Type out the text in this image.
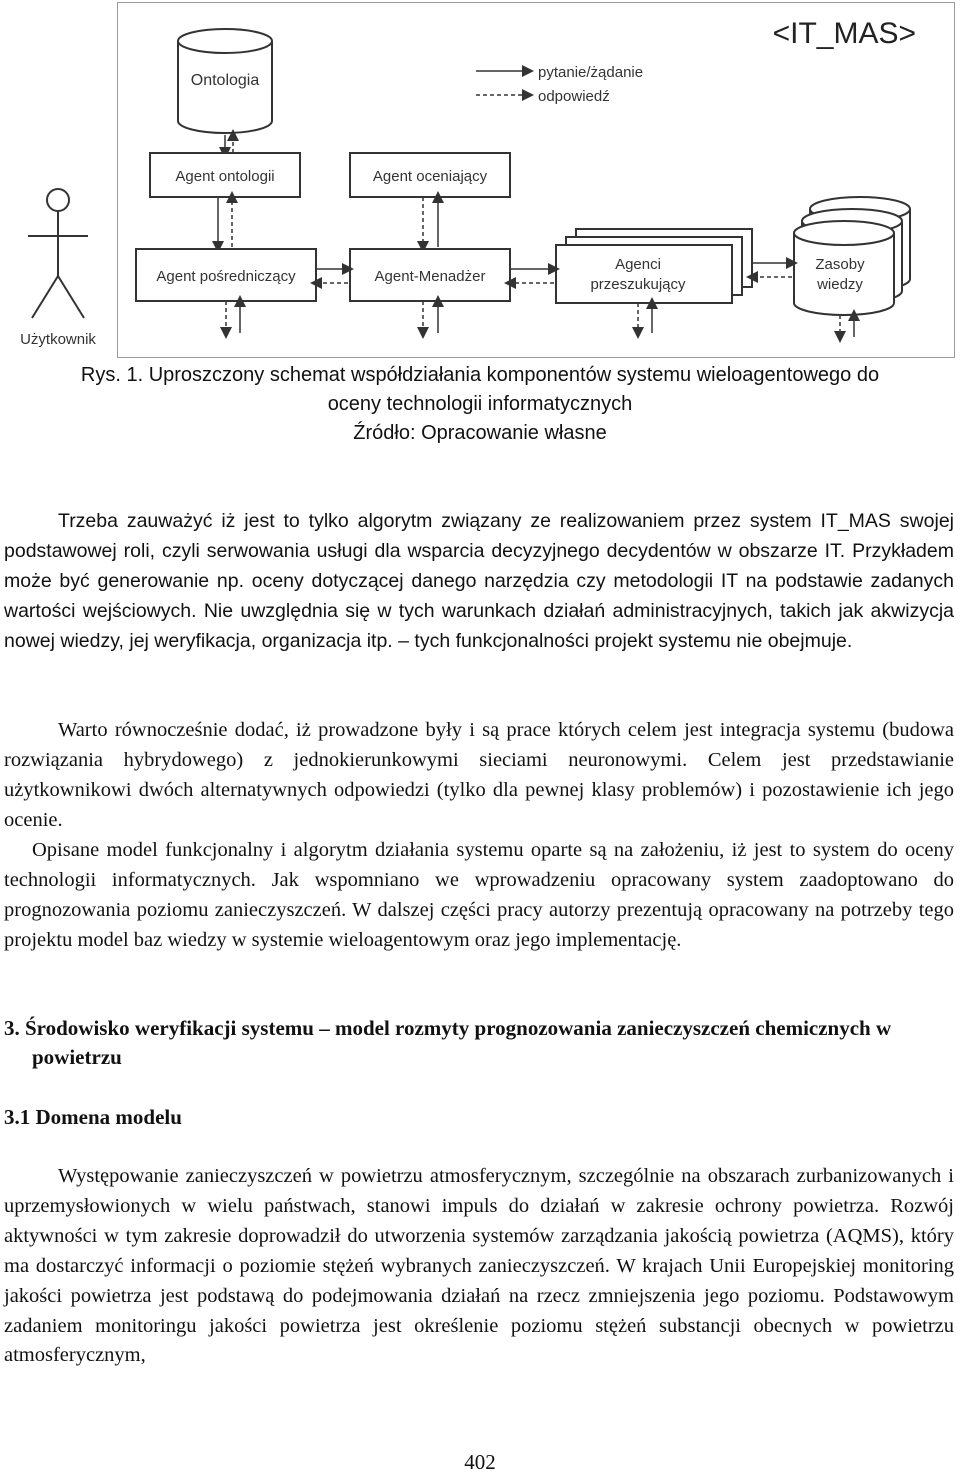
<IT_MAS>
Ontologia	pytanie/żądanie
odpowiedź
Agent ontologii	Agent oceniający
Agent pośredniczący	Agent-Menadżer
Agenci
przeszukujący
Zasoby
wiedzy
Użytkownik
Rys. 1. Uproszczony schemat współdziałania komponentów systemu wieloagentowego do
oceny technologii informatycznych
Źródło: Opracowanie własne

Trzeba zauważyć iż jest to tylko algorytm związany ze realizowaniem przez system IT_MAS swojej podstawowej roli, czyli serwowania usługi dla wsparcia decyzyjnego decydentów w obszarze IT. Przykładem może być generowanie np. oceny dotyczącej danego narzędzia czy metodologii IT na podstawie zadanych wartości wejściowych. Nie uwzględnia się w tych warunkach działań administracyjnych, takich jak akwizycja nowej wiedzy, jej weryfikacja, organizacja itp. – tych funkcjonalności projekt systemu nie obejmuje.

Warto równocześnie dodać, iż prowadzone były i są prace których celem jest integracja systemu (budowa rozwiązania hybrydowego) z jednokierunkowymi sieciami neuronowymi. Celem jest przedstawianie użytkownikowi dwóch alternatywnych odpowiedzi (tylko dla pewnej klasy problemów) i pozostawienie ich jego ocenie.

Opisane model funkcjonalny i algorytm działania systemu oparte są na założeniu, iż jest to system do oceny technologii informatycznych. Jak wspomniano we wprowadzeniu opracowany system zaadoptowano do prognozowania poziomu zanieczyszczeń. W dalszej części pracy autorzy prezentują opracowany na potrzeby tego projektu model baz wiedzy w systemie wieloagentowym oraz jego implementację.

3. Środowisko weryfikacji systemu – model rozmyty prognozowania zanieczyszczeń chemicznych w powietrzu

3.1 Domena modelu

Występowanie zanieczyszczeń w powietrzu atmosferycznym, szczególnie na obszarach zurbanizowanych i uprzemysłowionych w wielu państwach, stanowi impuls do działań w zakresie ochrony powietrza. Rozwój aktywności w tym zakresie doprowadził do utworzenia systemów zarządzania jakością powietrza (AQMS), który ma dostarczyć informacji o poziomie stężeń wybranych zanieczyszczeń. W krajach Unii Europejskiej monitoring jakości powietrza jest podstawą do podejmowania działań na rzecz zmniejszenia jego poziomu. Podstawowym zadaniem monitoringu jakości powietrza jest określenie poziomu stężeń substancji obecnych w powietrzu atmosferycznym,

402
